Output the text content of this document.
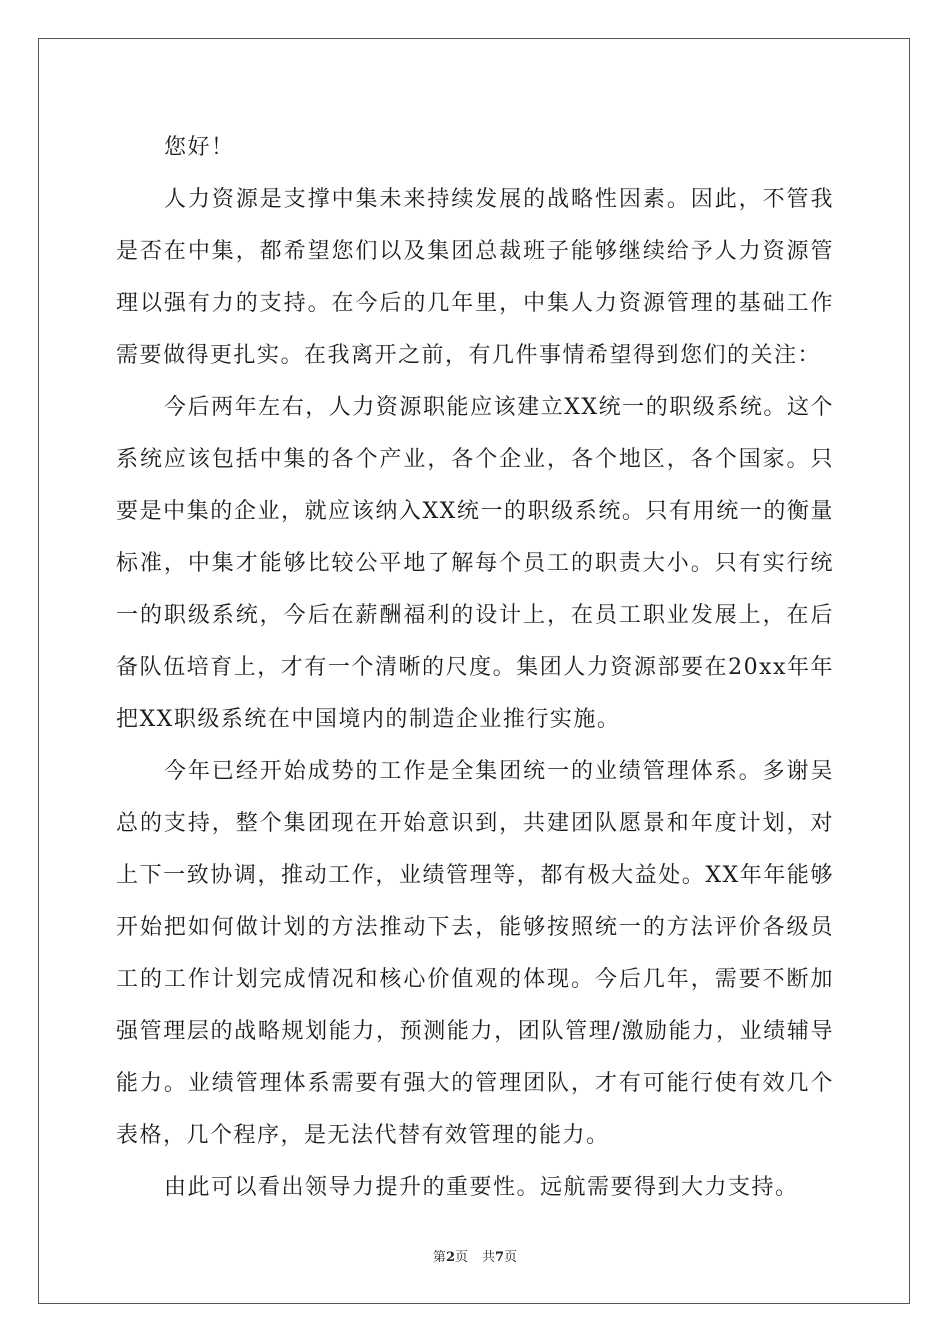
您好！

人力资源是支撑中集未来持续发展的战略性因素。因此，不管我是否在中集，都希望您们以及集团总裁班子能够继续给予人力资源管理以强有力的支持。在今后的几年里，中集人力资源管理的基础工作需要做得更扎实。在我离开之前，有几件事情希望得到您们的关注：

今后两年左右，人力资源职能应该建立XX统一的职级系统。这个系统应该包括中集的各个产业，各个企业，各个地区，各个国家。只要是中集的企业，就应该纳入XX统一的职级系统。只有用统一的衡量标准，中集才能够比较公平地了解每个员工的职责大小。只有实行统一的职级系统，今后在薪酬福利的设计上，在员工职业发展上，在后备队伍培育上，才有一个清晰的尺度。集团人力资源部要在20xx年年把XX职级系统在中国境内的制造企业推行实施。

今年已经开始成势的工作是全集团统一的业绩管理体系。多谢吴总的支持，整个集团现在开始意识到，共建团队愿景和年度计划，对上下一致协调，推动工作，业绩管理等，都有极大益处。XX年年能够开始把如何做计划的方法推动下去，能够按照统一的方法评价各级员工的工作计划完成情况和核心价值观的体现。今后几年，需要不断加强管理层的战略规划能力，预测能力，团队管理/激励能力，业绩辅导能力。业绩管理体系需要有强大的管理团队，才有可能行使有效几个表格，几个程序，是无法代替有效管理的能力。

由此可以看出领导力提升的重要性。远航需要得到大力支持。

第2页 共7页
